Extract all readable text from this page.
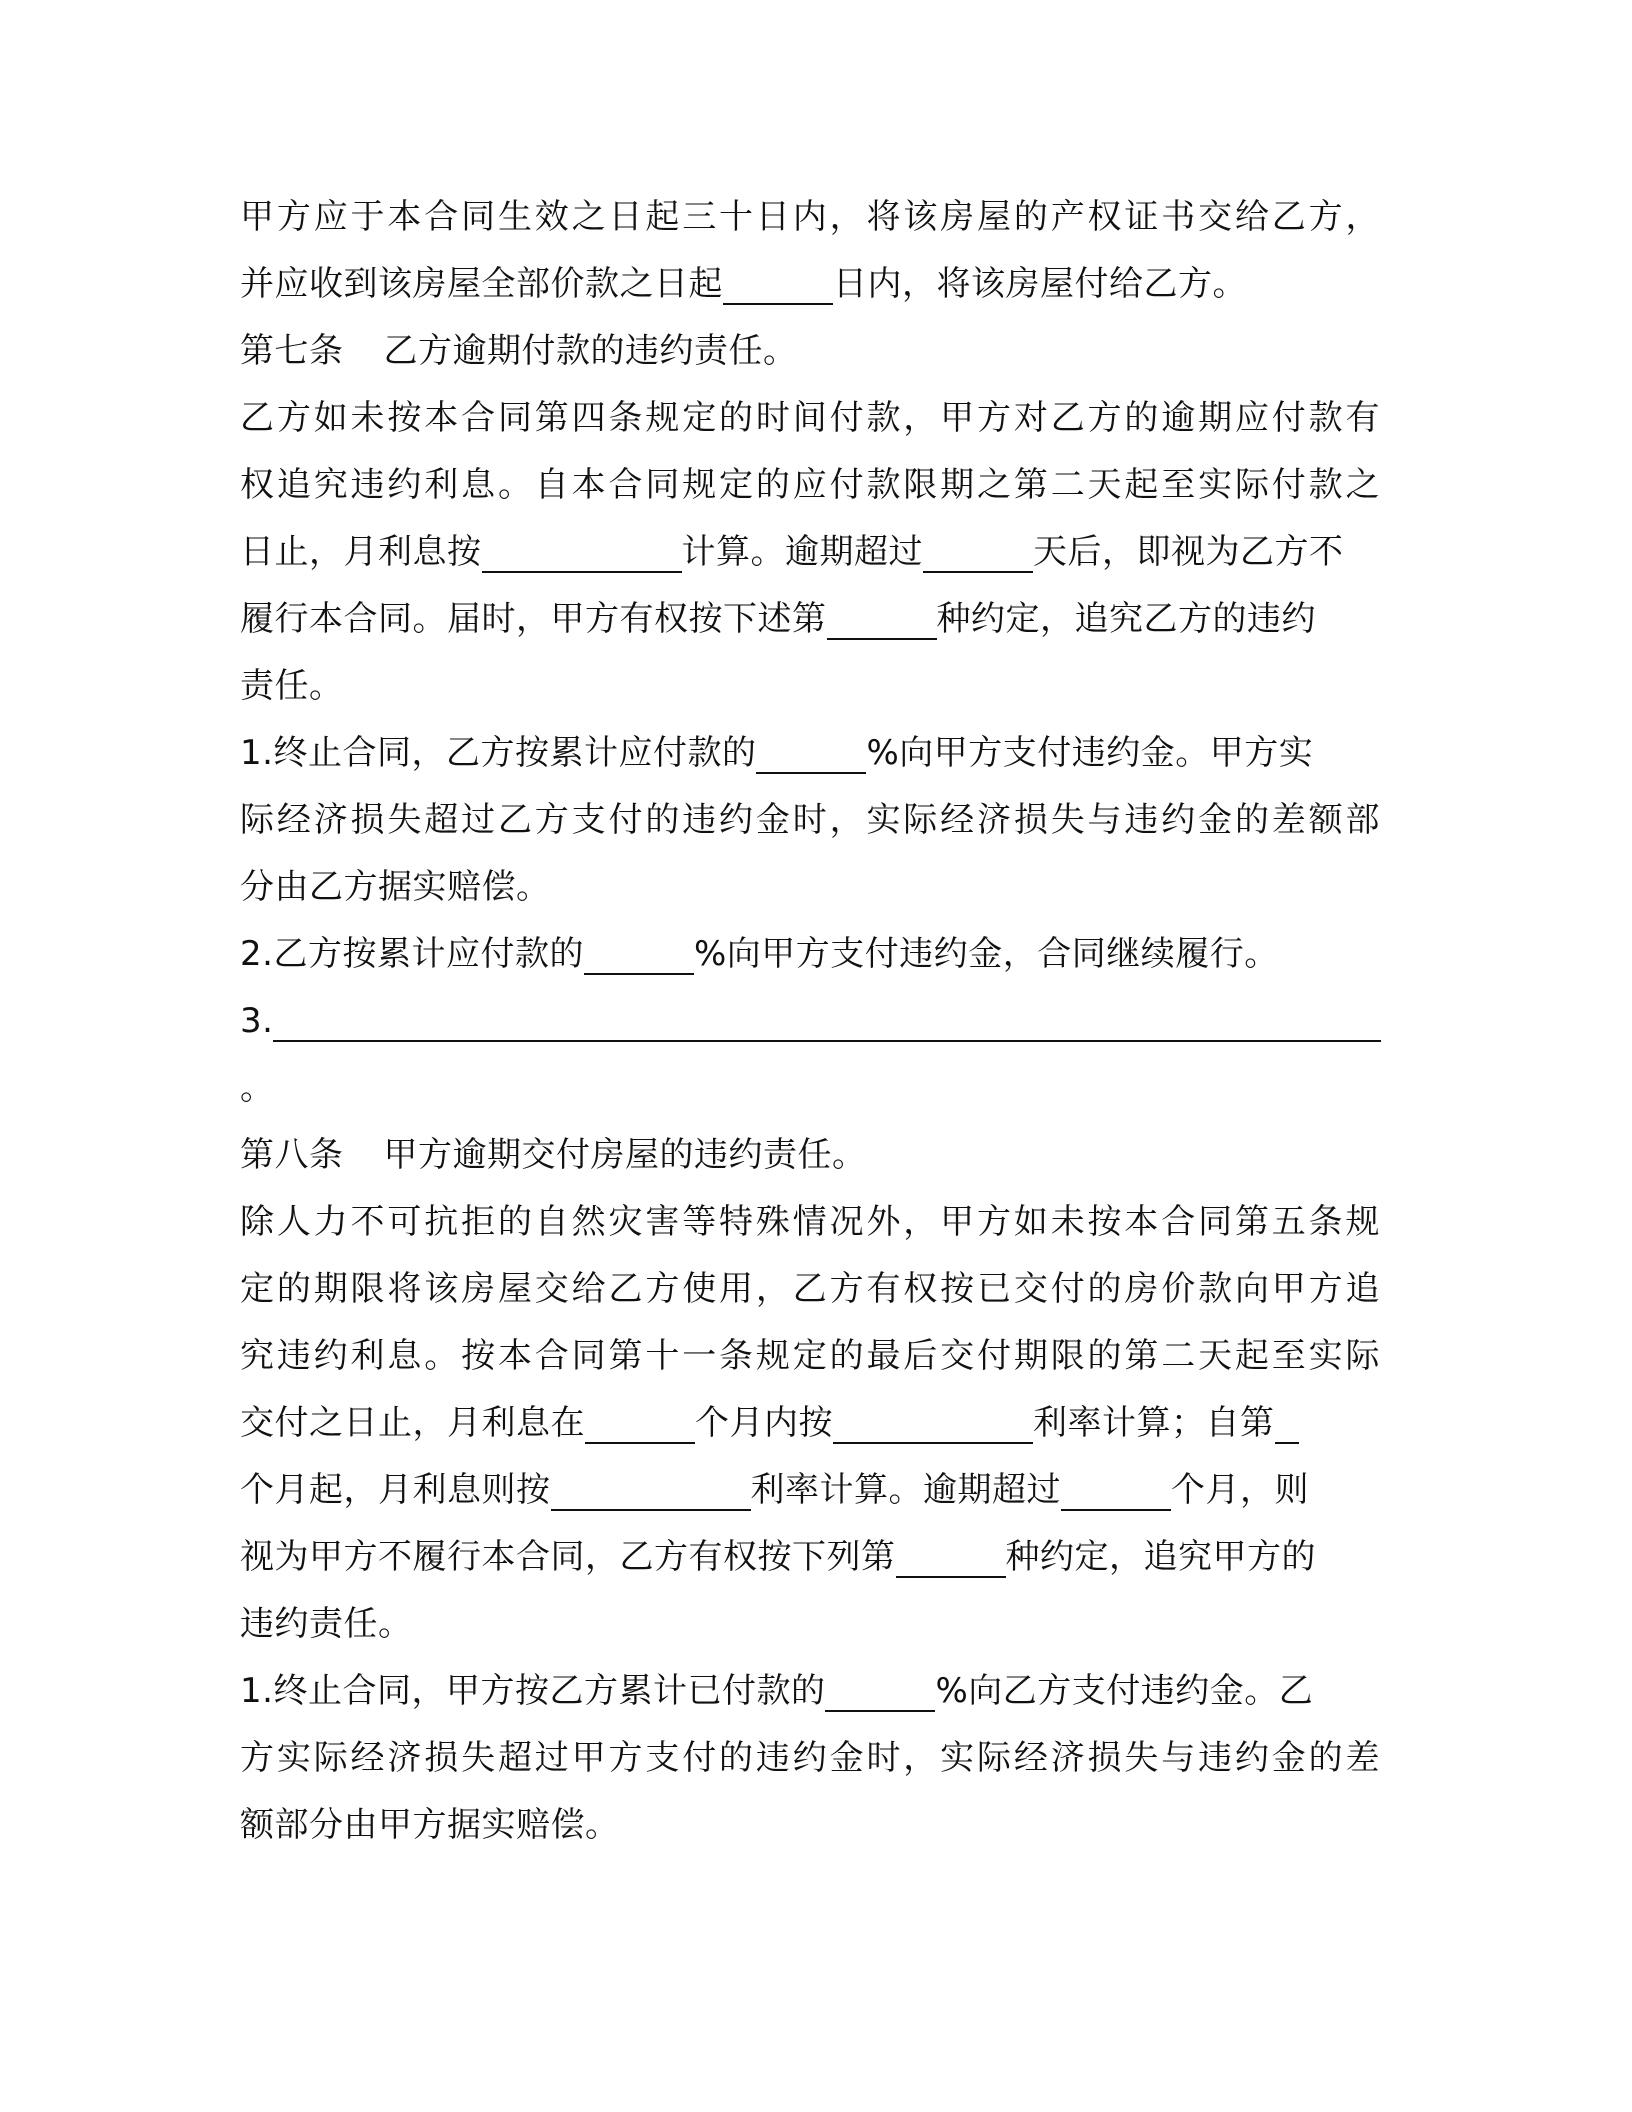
甲方应于本合同生效之日起三十日内，将该房屋的产权证书交给乙方，
并应收到该房屋全部价款之日起	日内，将该房屋付给乙方。
第七条 乙方逾期付款的违约责任。
乙方如未按本合同第四条规定的时间付款，甲方对乙方的逾期应付款有
权追究违约利息。自本合同规定的应付款限期之第二天起至实际付款之
日止，月利息按	计算。逾期超过	天后，即视为乙方不
履行本合同。届时，甲方有权按下述第	种约定，追究乙方的违约
责任。
1.终止合同，乙方按累计应付款的	%向甲方支付违约金。甲方实
际经济损失超过乙方支付的违约金时，实际经济损失与违约金的差额部
分由乙方据实赔偿。
2.乙方按累计应付款的	%向甲方支付违约金，合同继续履行。
3.
。
第八条 甲方逾期交付房屋的违约责任。
除人力不可抗拒的自然灾害等特殊情况外，甲方如未按本合同第五条规
定的期限将该房屋交给乙方使用，乙方有权按已交付的房价款向甲方追
究违约利息。按本合同第十一条规定的最后交付期限的第二天起至实际
交付之日止，月利息在	个月内按	利率计算；自第
个月起，月利息则按	利率计算。逾期超过	个月，则
视为甲方不履行本合同，乙方有权按下列第	种约定，追究甲方的
违约责任。
1.终止合同，甲方按乙方累计已付款的	%向乙方支付违约金。乙
方实际经济损失超过甲方支付的违约金时，实际经济损失与违约金的差
额部分由甲方据实赔偿。
